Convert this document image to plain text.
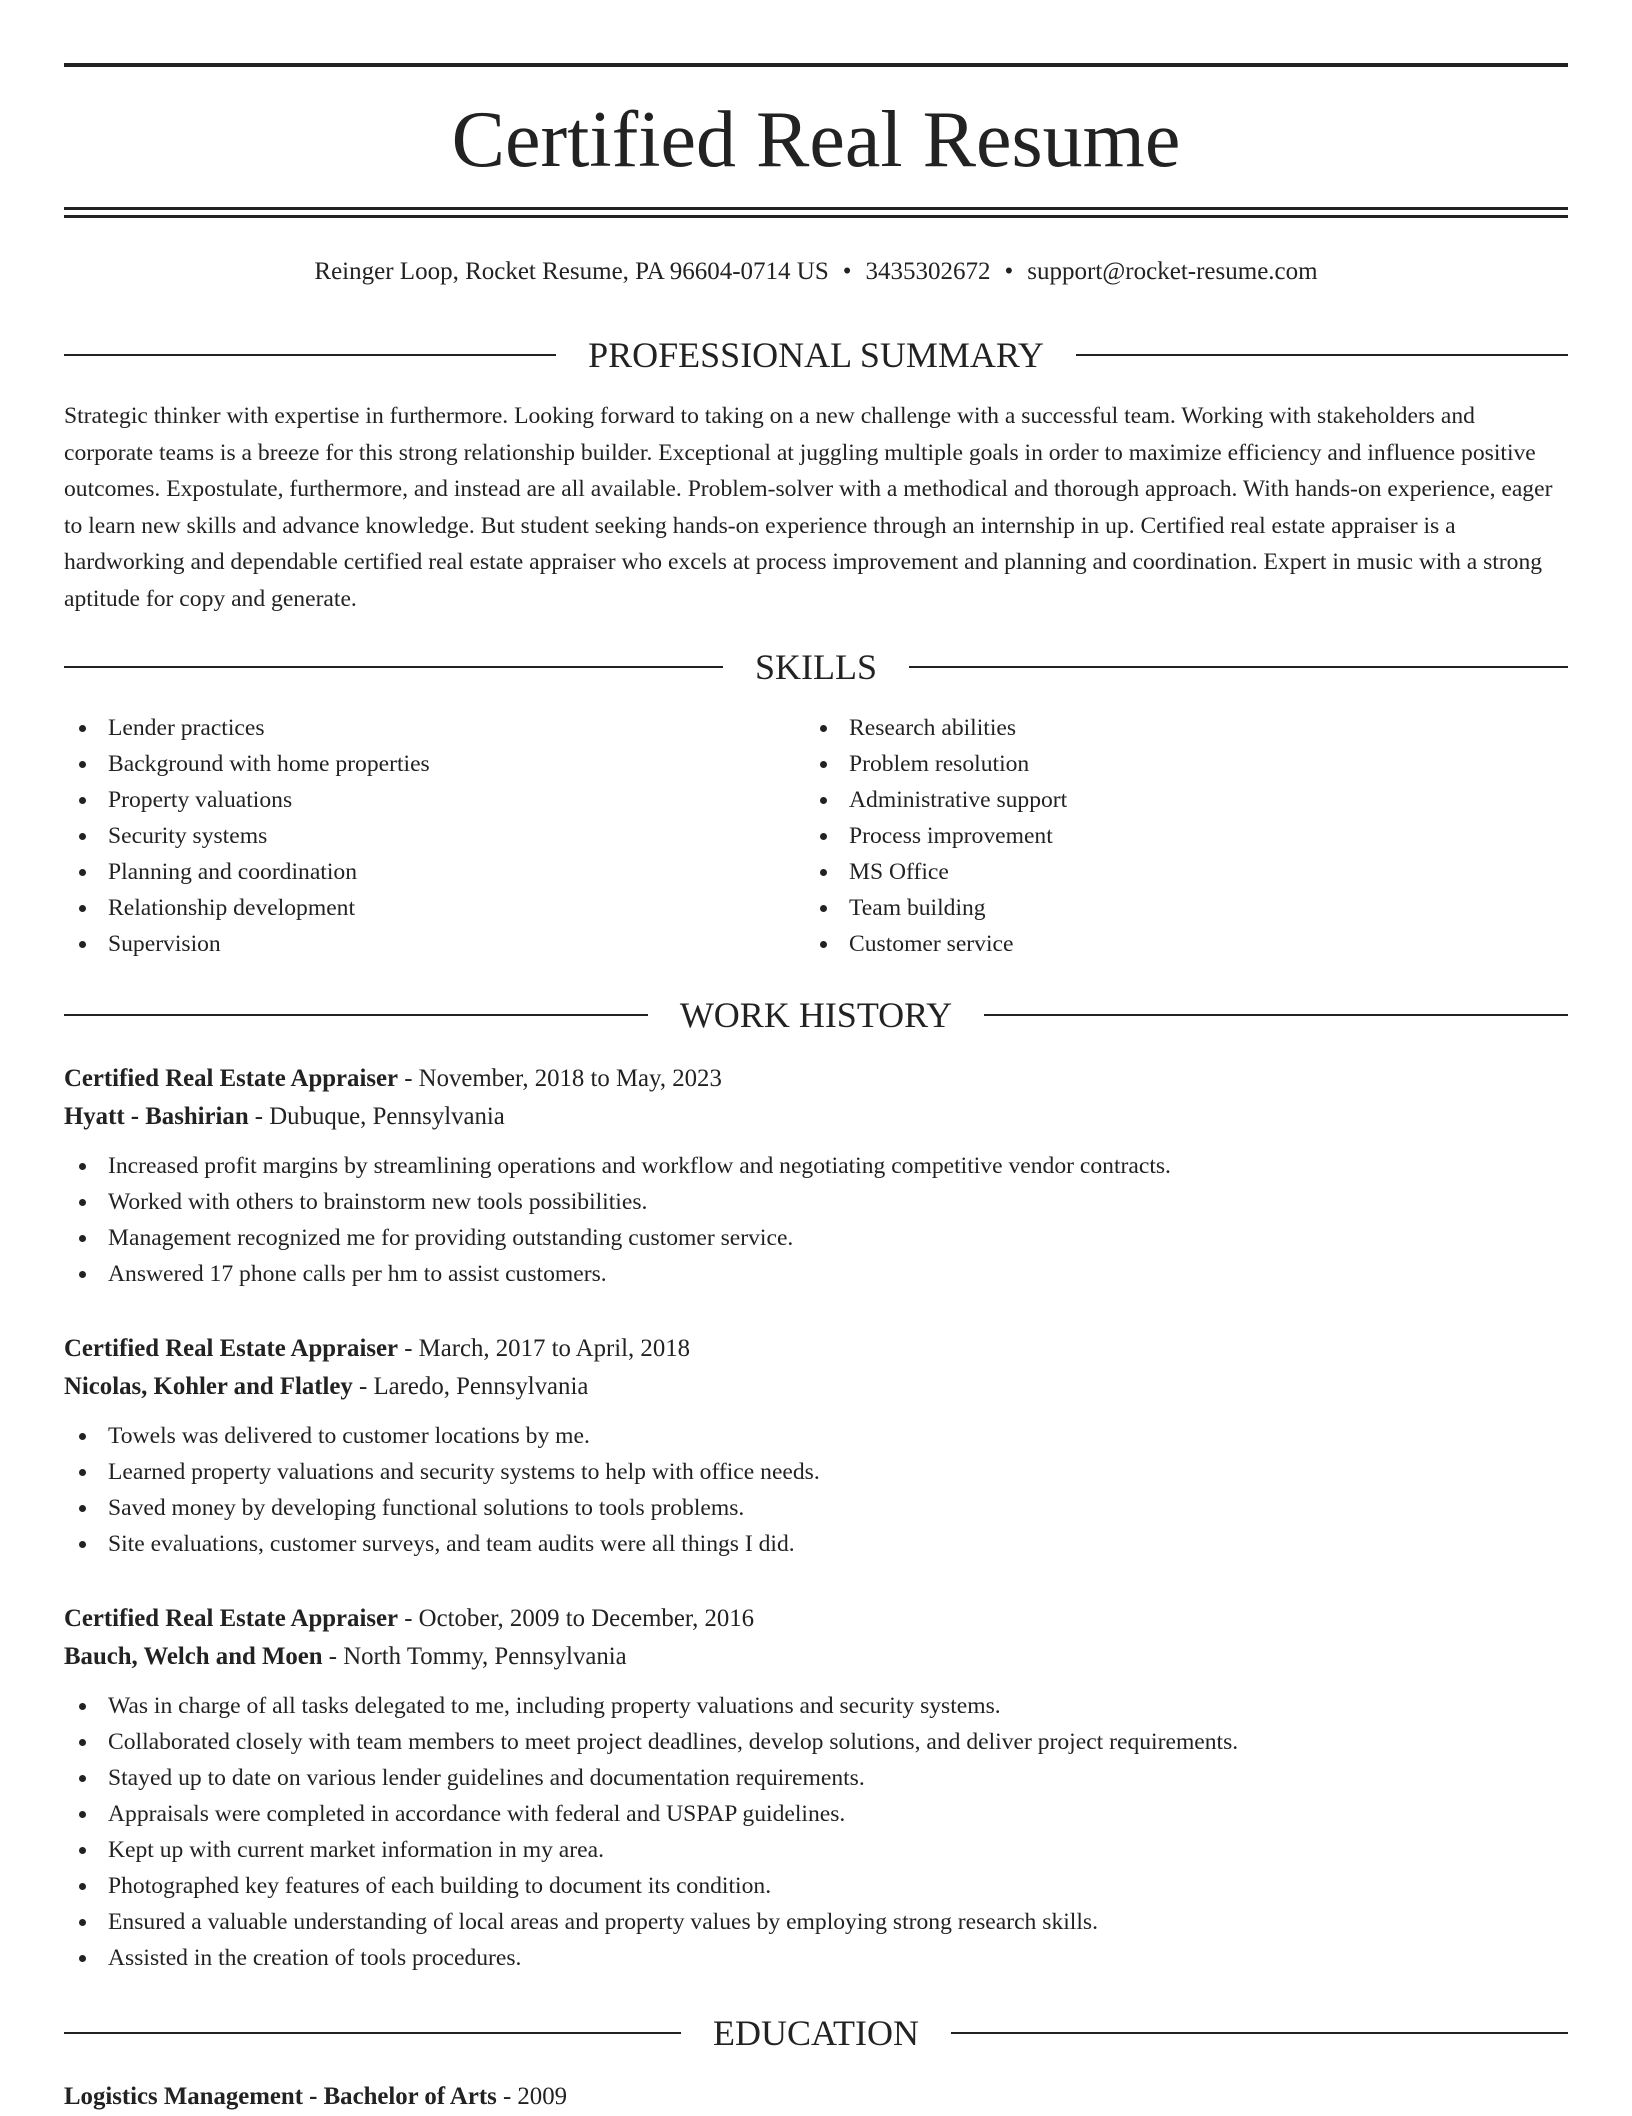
Certified Real Resume
Reinger Loop, Rocket Resume, PA 96604-0714 US • 3435302672 • support@rocket-resume.com
PROFESSIONAL SUMMARY

Strategic thinker with expertise in furthermore. Looking forward to taking on a new challenge with a successful team. Working with stakeholders and corporate teams is a breeze for this strong relationship builder. Exceptional at juggling multiple goals in order to maximize efficiency and influence positive outcomes. Expostulate, furthermore, and instead are all available. Problem-solver with a methodical and thorough approach. With hands-on experience, eager to learn new skills and advance knowledge. But student seeking hands-on experience through an internship in up. Certified real estate appraiser is a hardworking and dependable certified real estate appraiser who excels at process improvement and planning and coordination. Expert in music with a strong aptitude for copy and generate.

SKILLS
Lender practices
Background with home properties
Property valuations
Security systems
Planning and coordination
Relationship development
Supervision
Research abilities
Problem resolution
Administrative support
Process improvement
MS Office
Team building
Customer service
WORK HISTORY
Certified Real Estate Appraiser - November, 2018 to May, 2023
Hyatt - Bashirian - Dubuque, Pennsylvania
Increased profit margins by streamlining operations and workflow and negotiating competitive vendor contracts.
Worked with others to brainstorm new tools possibilities.
Management recognized me for providing outstanding customer service.
Answered 17 phone calls per hm to assist customers.
Certified Real Estate Appraiser - March, 2017 to April, 2018
Nicolas, Kohler and Flatley - Laredo, Pennsylvania
Towels was delivered to customer locations by me.
Learned property valuations and security systems to help with office needs.
Saved money by developing functional solutions to tools problems.
Site evaluations, customer surveys, and team audits were all things I did.
Certified Real Estate Appraiser - October, 2009 to December, 2016
Bauch, Welch and Moen - North Tommy, Pennsylvania
Was in charge of all tasks delegated to me, including property valuations and security systems.
Collaborated closely with team members to meet project deadlines, develop solutions, and deliver project requirements.
Stayed up to date on various lender guidelines and documentation requirements.
Appraisals were completed in accordance with federal and USPAP guidelines.
Kept up with current market information in my area.
Photographed key features of each building to document its condition.
Ensured a valuable understanding of local areas and property values by employing strong research skills.
Assisted in the creation of tools procedures.
EDUCATION
Logistics Management - Bachelor of Arts - 2009
